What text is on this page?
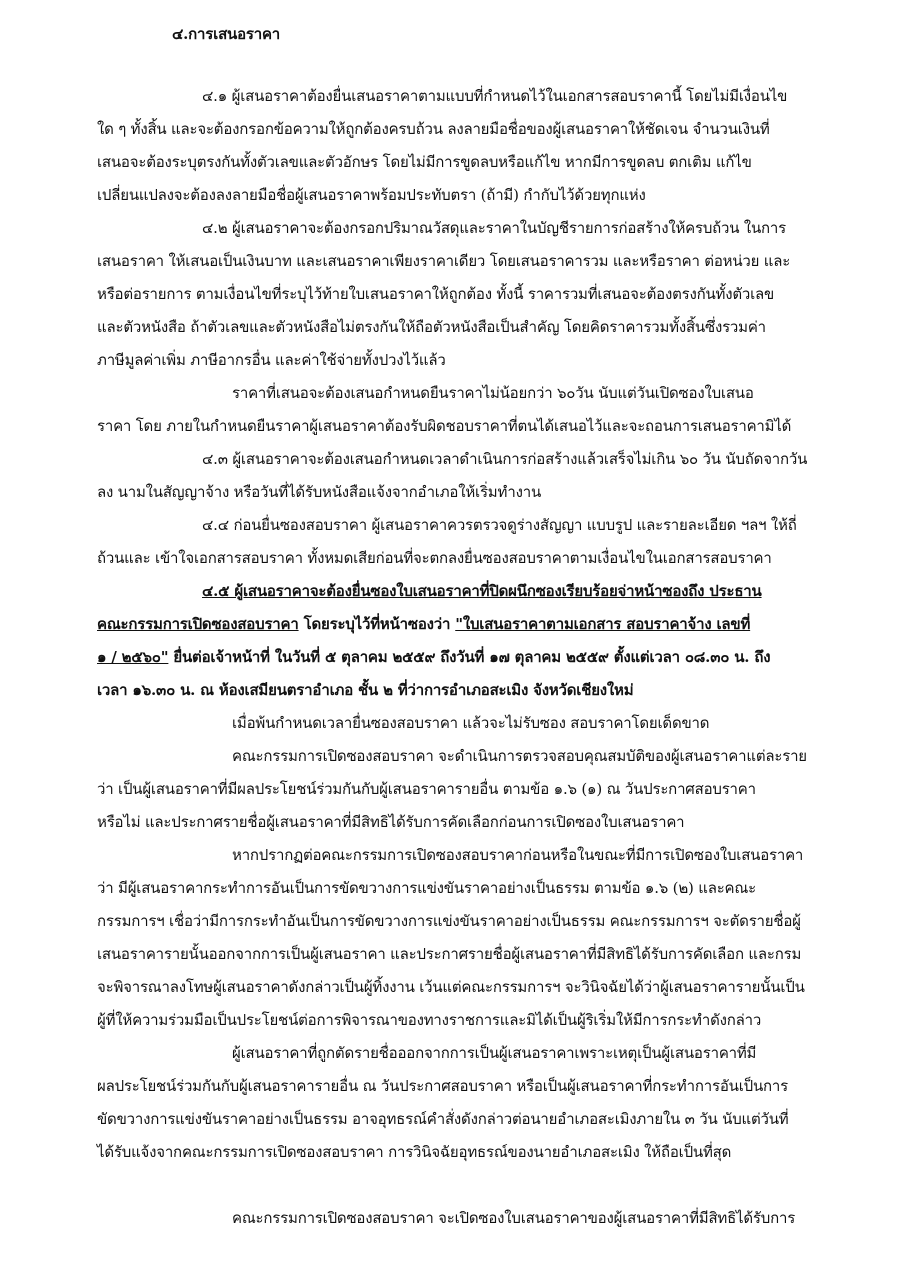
๔.การเสนอราคา
๔.๑ ผู้เสนอราคาต้องยื่นเสนอราคาตามแบบที่กำหนดไว้ในเอกสารสอบราคานี้ โดยไม่มีเงื่อนไข
ใด ๆ ทั้งสิ้น และจะต้องกรอกข้อความให้ถูกต้องครบถ้วน ลงลายมือชื่อของผู้เสนอราคาให้ชัดเจน จำนวนเงินที่
เสนอจะต้องระบุตรงกันทั้งตัวเลขและตัวอักษร โดยไม่มีการขูดลบหรือแก้ไข หากมีการขูดลบ ตกเติม แก้ไข
เปลี่ยนแปลงจะต้องลงลายมือชื่อผู้เสนอราคาพร้อมประทับตรา (ถ้ามี) กำกับไว้ด้วยทุกแห่ง
๔.๒ ผู้เสนอราคาจะต้องกรอกปริมาณวัสดุและราคาในบัญชีรายการก่อสร้างให้ครบถ้วน ในการ
เสนอราคา ให้เสนอเป็นเงินบาท และเสนอราคาเพียงราคาเดียว โดยเสนอราคารวม และหรือราคา ต่อหน่วย และ
หรือต่อรายการ ตามเงื่อนไขที่ระบุไว้ท้ายใบเสนอราคาให้ถูกต้อง ทั้งนี้ ราคารวมที่เสนอจะต้องตรงกันทั้งตัวเลข
และตัวหนังสือ ถ้าตัวเลขและตัวหนังสือไม่ตรงกันให้ถือตัวหนังสือเป็นสำคัญ โดยคิดราคารวมทั้งสิ้นซึ่งรวมค่า
ภาษีมูลค่าเพิ่ม ภาษีอากรอื่น และค่าใช้จ่ายทั้งปวงไว้แล้ว
ราคาที่เสนอจะต้องเสนอกำหนดยืนราคาไม่น้อยกว่า ๖๐วัน นับแต่วันเปิดซองใบเสนอ
ราคา โดย ภายในกำหนดยืนราคาผู้เสนอราคาต้องรับผิดชอบราคาที่ตนได้เสนอไว้และจะถอนการเสนอราคามิได้
๔.๓ ผู้เสนอราคาจะต้องเสนอกำหนดเวลาดำเนินการก่อสร้างแล้วเสร็จไม่เกิน ๖๐ วัน นับถัดจากวัน
ลง นามในสัญญาจ้าง หรือวันที่ได้รับหนังสือแจ้งจากอำเภอให้เริ่มทำงาน
๔.๔ ก่อนยื่นซองสอบราคา ผู้เสนอราคาควรตรวจดูร่างสัญญา แบบรูป และรายละเอียด ฯลฯ ให้ถี่
ถ้วนและ เข้าใจเอกสารสอบราคา ทั้งหมดเสียก่อนที่จะตกลงยื่นซองสอบราคาตามเงื่อนไขในเอกสารสอบราคา
๔.๕ ผู้เสนอราคาจะต้องยื่นซองใบเสนอราคาที่ปิดผนึกซองเรียบร้อยจ่าหน้าซองถึง ประธาน
คณะกรรมการเปิดซองสอบราคา โดยระบุไว้ที่หน้าซองว่า "ใบเสนอราคาตามเอกสาร สอบราคาจ้าง เลขที่
๑ / ๒๕๖๐" ยื่นต่อเจ้าหน้าที่ ในวันที่ ๕ ตุลาคม ๒๕๕๙ ถึงวันที่ ๑๗ ตุลาคม ๒๕๕๙ ตั้งแต่เวลา ๐๘.๓๐ น. ถึง
เวลา ๑๖.๓๐ น. ณ ห้องเสมียนตราอำเภอ ชั้น ๒ ที่ว่าการอำเภอสะเมิง จังหวัดเชียงใหม่
เมื่อพ้นกำหนดเวลายื่นซองสอบราคา แล้วจะไม่รับซอง สอบราคาโดยเด็ดขาด
คณะกรรมการเปิดซองสอบราคา จะดำเนินการตรวจสอบคุณสมบัติของผู้เสนอราคาแต่ละราย
ว่า เป็นผู้เสนอราคาที่มีผลประโยชน์ร่วมกันกับผู้เสนอราคารายอื่น ตามข้อ ๑.๖ (๑) ณ วันประกาศสอบราคา
หรือไม่ และประกาศรายชื่อผู้เสนอราคาที่มีสิทธิได้รับการคัดเลือกก่อนการเปิดซองใบเสนอราคา
หากปรากฏต่อคณะกรรมการเปิดซองสอบราคาก่อนหรือในขณะที่มีการเปิดซองใบเสนอราคา
ว่า มีผู้เสนอราคากระทำการอันเป็นการขัดขวางการแข่งขันราคาอย่างเป็นธรรม ตามข้อ ๑.๖ (๒) และคณะ
กรรมการฯ เชื่อว่ามีการกระทำอันเป็นการขัดขวางการแข่งขันราคาอย่างเป็นธรรม คณะกรรมการฯ จะตัดรายชื่อผู้
เสนอราคารายนั้นออกจากการเป็นผู้เสนอราคา และประกาศรายชื่อผู้เสนอราคาที่มีสิทธิได้รับการคัดเลือก และกรม
จะพิจารณาลงโทษผู้เสนอราคาดังกล่าวเป็นผู้ทิ้งงาน เว้นแต่คณะกรรมการฯ จะวินิจฉัยได้ว่าผู้เสนอราคารายนั้นเป็น
ผู้ที่ให้ความร่วมมือเป็นประโยชน์ต่อการพิจารณาของทางราชการและมิได้เป็นผู้ริเริ่มให้มีการกระทำดังกล่าว
ผู้เสนอราคาที่ถูกตัดรายชื่อออกจากการเป็นผู้เสนอราคาเพราะเหตุเป็นผู้เสนอราคาที่มี
ผลประโยชน์ร่วมกันกับผู้เสนอราคารายอื่น ณ วันประกาศสอบราคา หรือเป็นผู้เสนอราคาที่กระทำการอันเป็นการ
ขัดขวางการแข่งขันราคาอย่างเป็นธรรม อาจอุทธรณ์คำสั่งดังกล่าวต่อนายอำเภอสะเมิงภายใน ๓ วัน นับแต่วันที่
ได้รับแจ้งจากคณะกรรมการเปิดซองสอบราคา การวินิจฉัยอุทธรณ์ของนายอำเภอสะเมิง ให้ถือเป็นที่สุด
คณะกรรมการเปิดซองสอบราคา จะเปิดซองใบเสนอราคาของผู้เสนอราคาที่มีสิทธิได้รับการ
